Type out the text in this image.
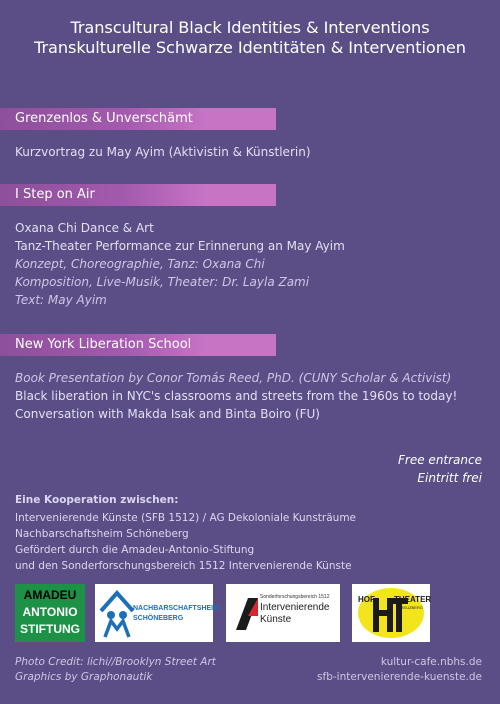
Transcultural Black Identities & Interventions
Transkulturelle Schwarze Identitäten & Interventionen
Grenzenlos & Unverschämt
Kurzvortrag zu May Ayim (Aktivistin & Künstlerin)
I Step on Air
Oxana Chi Dance & Art
Tanz-Theater Performance zur Erinnerung an May Ayim
Konzept, Choreographie, Tanz: Oxana Chi
Komposition, Live-Musik, Theater: Dr. Layla Zami
Text: May Ayim
New York Liberation School
Book Presentation by Conor Tomás Reed, PhD. (CUNY Scholar & Activist)
Black liberation in NYC's classrooms and streets from the 1960s to today!
Conversation with Makda Isak and Binta Boiro (FU)
Free entrance
Eintritt frei
Eine Kooperation zwischen:
Intervenierende Künste (SFB 1512) / AG Dekoloniale Kunsträume
Nachbarschaftsheim Schöneberg
Gefördert durch die Amadeu-Antonio-Stiftung
und den Sonderforschungsbereich 1512 Intervenierende Künste
AMADEU
ANTONIO
STIFTUNG
NACHBARSCHAFTSHEIM
SCHÖNEBERG
Sonderforschungsbereich 1512
Intervenierende
Künste
HOF THEATER
KREUZBERG
Photo Credit: lichi//Brooklyn Street Art
Graphics by Graphonautik
kultur-cafe.nbhs.de
sfb-intervenierende-kuenste.de
